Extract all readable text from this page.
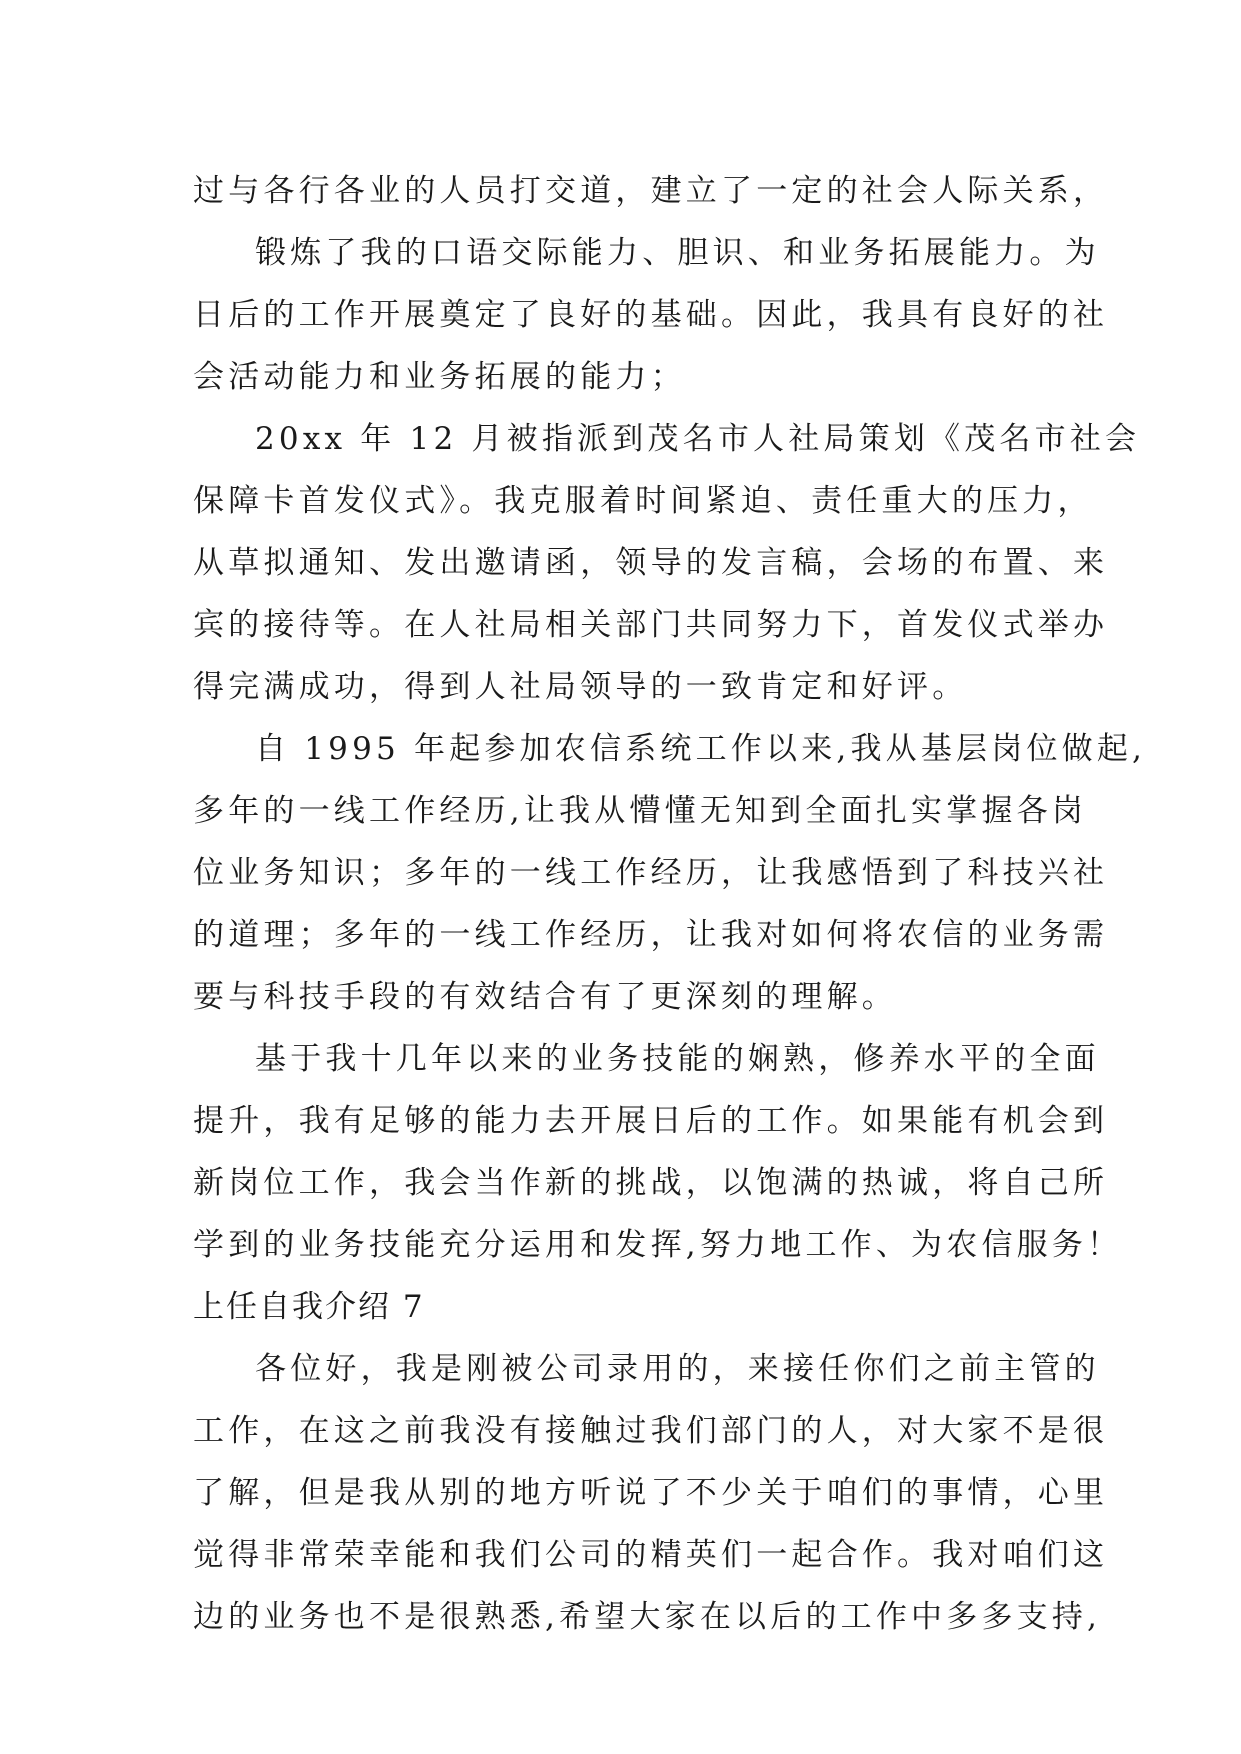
过与各行各业的人员打交道，建立了一定的社会人际关系，
锻炼了我的口语交际能力、胆识、和业务拓展能力。为
日后的工作开展奠定了良好的基础。因此，我具有良好的社
会活动能力和业务拓展的能力；
20xx 年 12 月被指派到茂名市人社局策划《茂名市社会
保障卡首发仪式》。我克服着时间紧迫、责任重大的压力，
从草拟通知、发出邀请函，领导的发言稿，会场的布置、来
宾的接待等。在人社局相关部门共同努力下，首发仪式举办
得完满成功，得到人社局领导的一致肯定和好评。
自 1995 年起参加农信系统工作以来,我从基层岗位做起,
多年的一线工作经历,让我从懵懂无知到全面扎实掌握各岗
位业务知识；多年的一线工作经历，让我感悟到了科技兴社
的道理；多年的一线工作经历，让我对如何将农信的业务需
要与科技手段的有效结合有了更深刻的理解。
基于我十几年以来的业务技能的娴熟，修养水平的全面
提升，我有足够的能力去开展日后的工作。如果能有机会到
新岗位工作，我会当作新的挑战，以饱满的热诚，将自己所
学到的业务技能充分运用和发挥,努力地工作、为农信服务！
上任自我介绍 7
各位好，我是刚被公司录用的，来接任你们之前主管的
工作，在这之前我没有接触过我们部门的人，对大家不是很
了解，但是我从别的地方听说了不少关于咱们的事情，心里
觉得非常荣幸能和我们公司的精英们一起合作。我对咱们这
边的业务也不是很熟悉,希望大家在以后的工作中多多支持,
